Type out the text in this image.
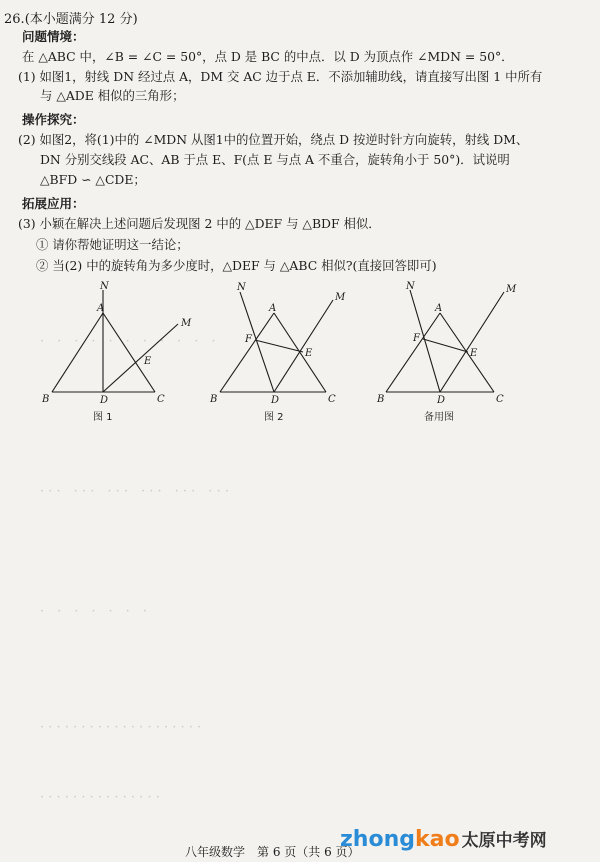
·　·　·　·　·　·　·　·　·　·　·
· · ·　· · ·　· · ·　· · ·　· · ·　· · ·
·　·　·　·　·　·　·
· · · · · · · · · · · · · · · · · · · ·
· · · · · · · · · · · · · · ·
26.(本小题满分 12 分)
问题情境：
在 △ABC 中，∠B = ∠C = 50°，点 D 是 BC 的中点．以 D 为顶点作 ∠MDN = 50°．
(1) 如图1，射线 DN 经过点 A，DM 交 AC 边于点 E．不添加辅助线，请直接写出图 1 中所有
与 △ADE 相似的三角形；
操作探究：
(2) 如图2，将(1)中的 ∠MDN 从图1中的位置开始，绕点 D 按逆时针方向旋转，射线 DM、
DN 分别交线段 AC、AB 于点 E、F(点 E 与点 A 不重合，旋转角小于 50°)．试说明
△BFD ∽ △CDE；
拓展应用：
(3) 小颖在解决上述问题后发现图 2 中的 △DEF 与 △BDF 相似．
① 请你帮她证明这一结论；
② 当(2) 中的旋转角为多少度时，△DEF 与 △ABC 相似?(直接回答即可)
N
A
M
E
B	D	C
图 1
N
A
M
F
E
B	D	C
图 2
N
A
M
F
E
B	D	C
备用图
八年级数学　第 6 页（共 6 页）
zhongkao 太原中考网
